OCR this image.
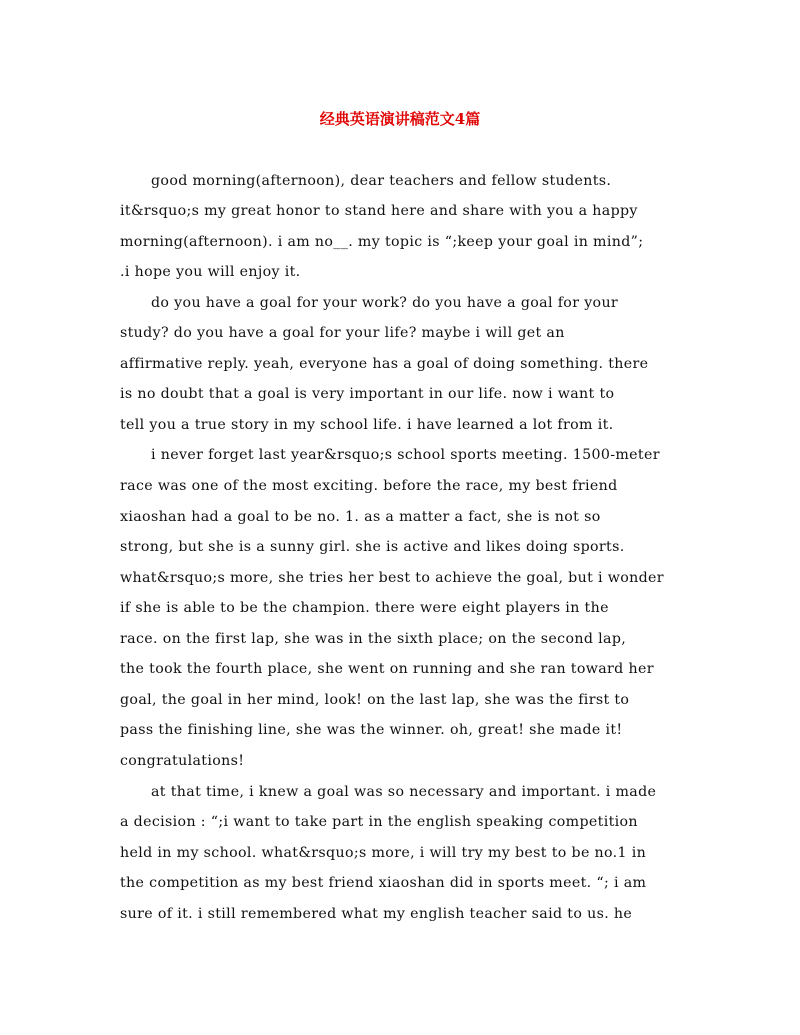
经典英语演讲稿范文4篇

good morning(afternoon), dear teachers and fellow students.

it&rsquo;s my great honor to stand here and share with you a happy

morning(afternoon). i am no__. my topic is “;keep your goal in mind”;

.i hope you will enjoy it.

do you have a goal for your work? do you have a goal for your

study? do you have a goal for your life? maybe i will get an

affirmative reply. yeah, everyone has a goal of doing something. there

is no doubt that a goal is very important in our life. now i want to

tell you a true story in my school life. i have learned a lot from it.

i never forget last year&rsquo;s school sports meeting. 1500-meter

race was one of the most exciting. before the race, my best friend

xiaoshan had a goal to be no. 1. as a matter a fact, she is not so

strong, but she is a sunny girl. she is active and likes doing sports.

what&rsquo;s more, she tries her best to achieve the goal, but i wonder

if she is able to be the champion. there were eight players in the

race. on the first lap, she was in the sixth place; on the second lap,

the took the fourth place, she went on running and she ran toward her

goal, the goal in her mind, look! on the last lap, she was the first to

pass the finishing line, she was the winner. oh, great! she made it!

congratulations!

at that time, i knew a goal was so necessary and important. i made

a decision : “;i want to take part in the english speaking competition

held in my school. what&rsquo;s more, i will try my best to be no.1 in

the competition as my best friend xiaoshan did in sports meet. “; i am

sure of it. i still remembered what my english teacher said to us. he
